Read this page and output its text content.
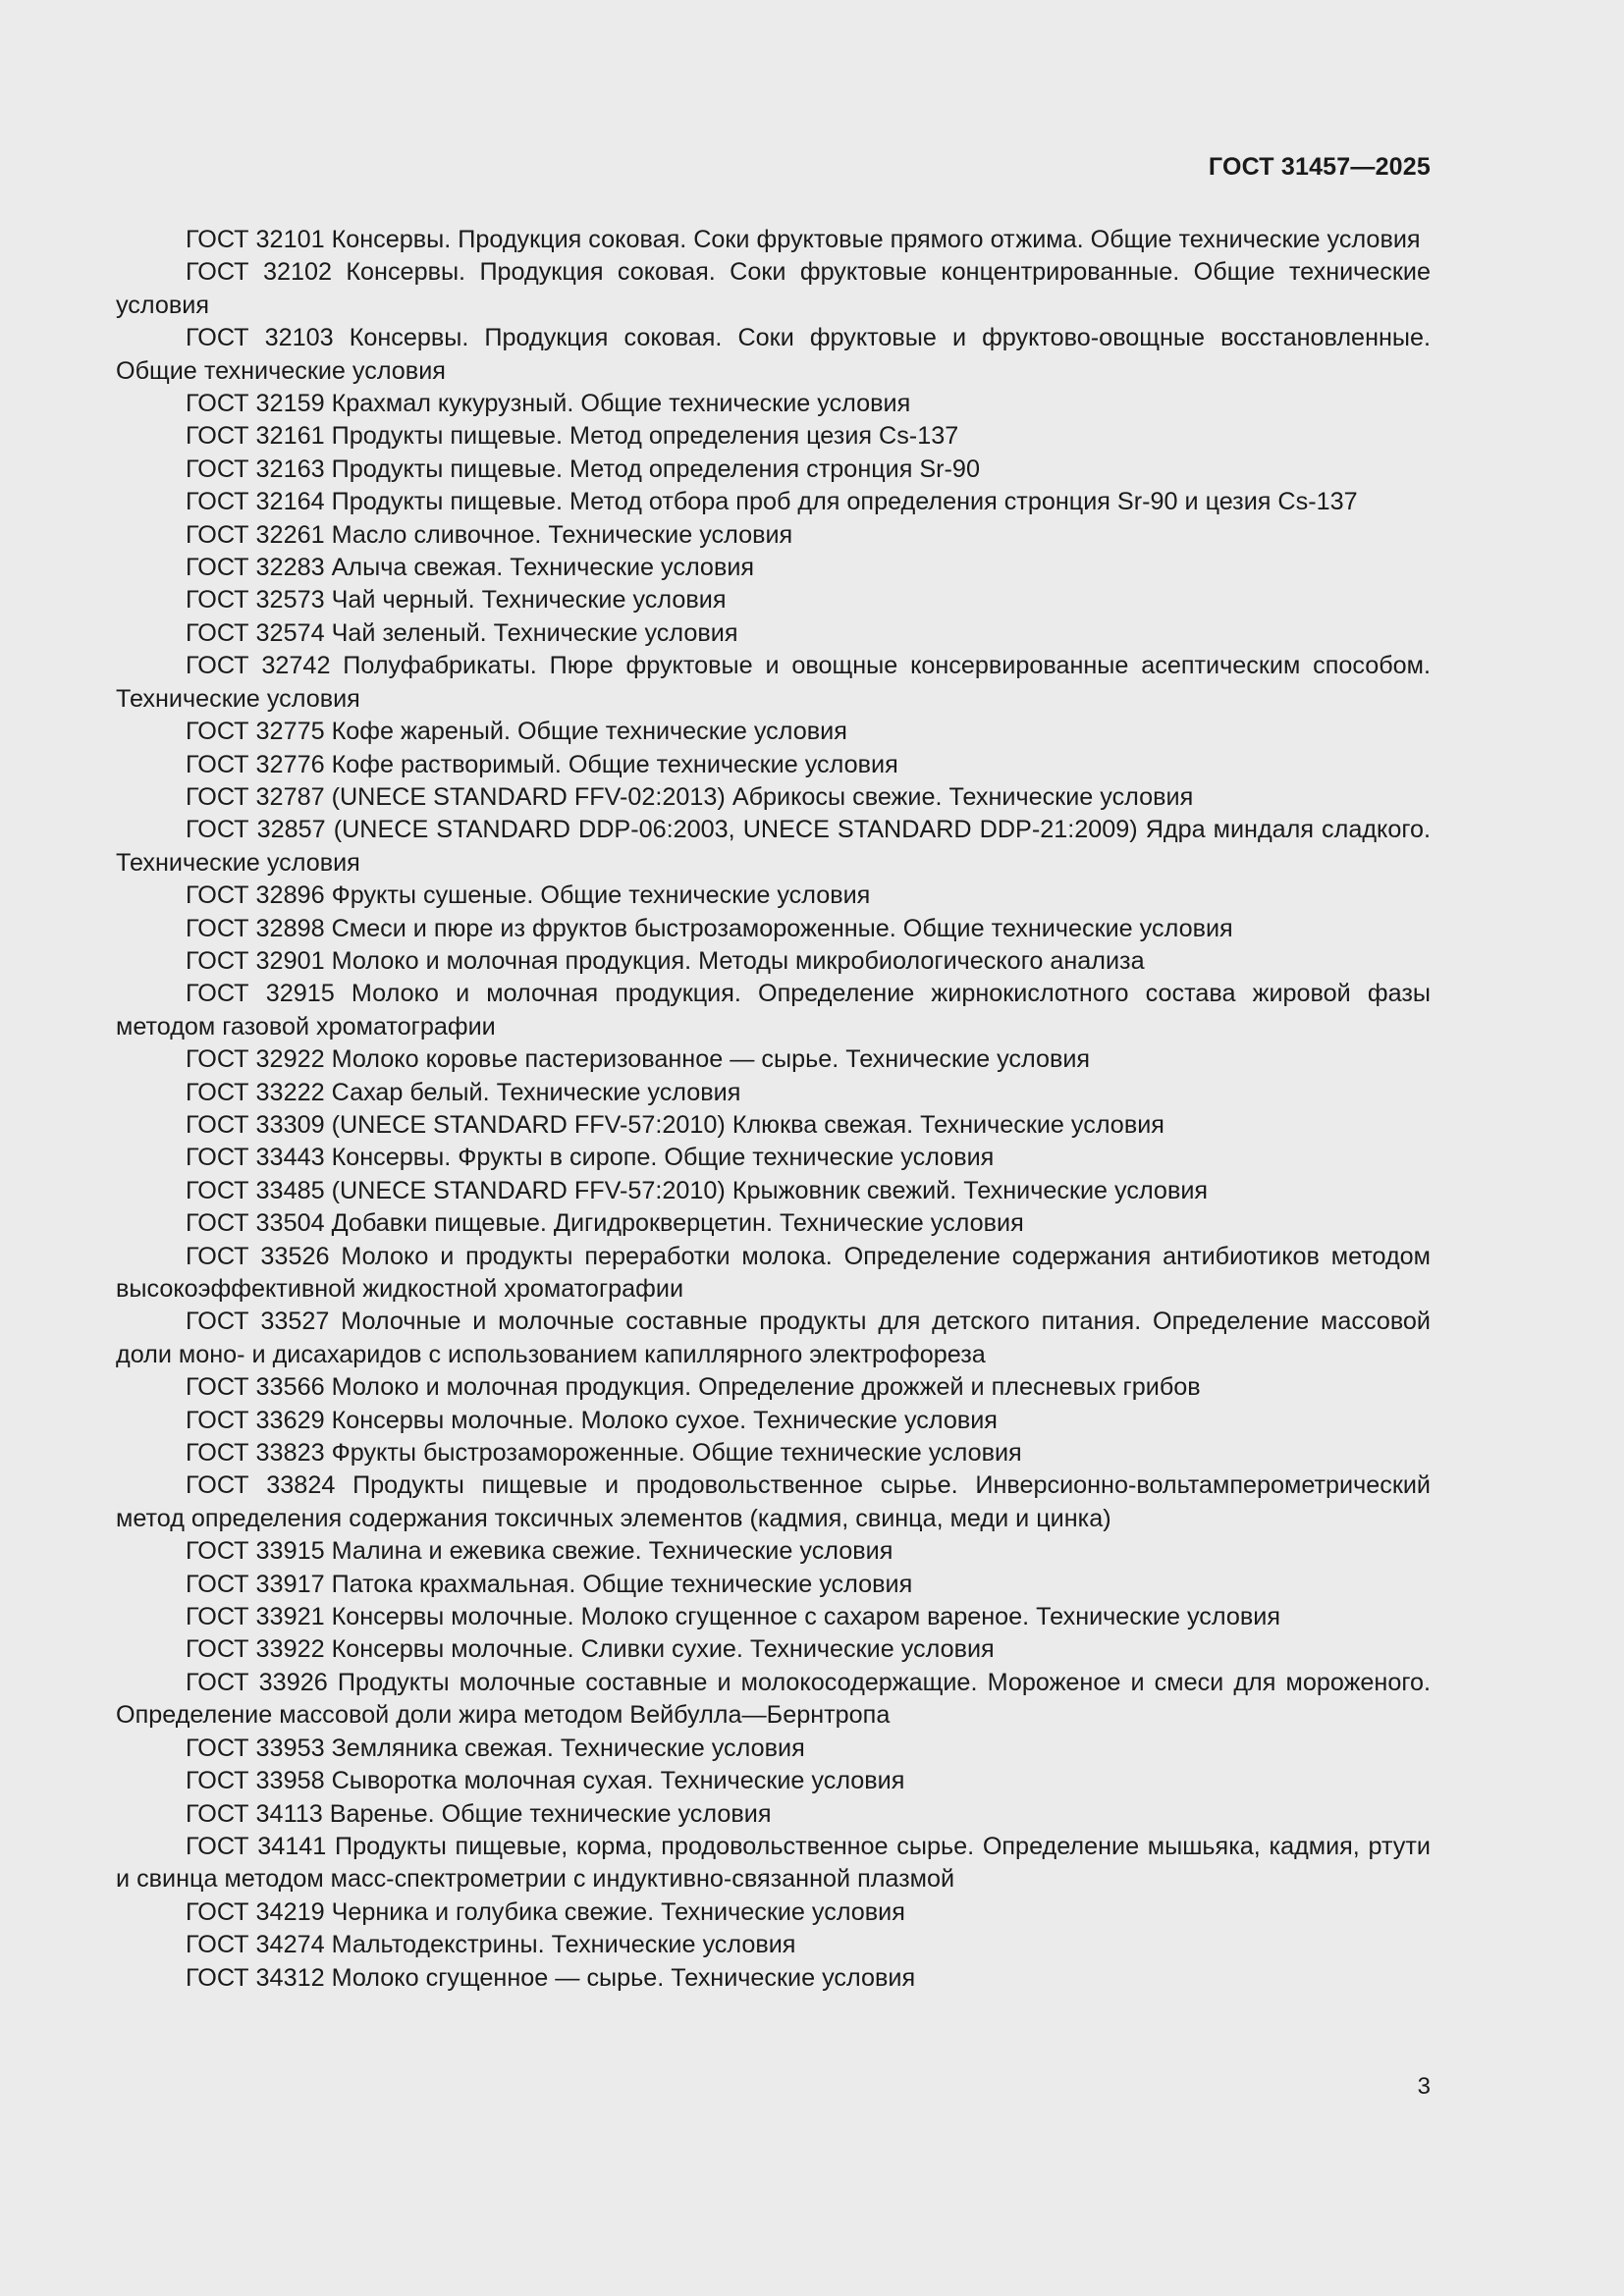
ГОСТ 31457—2025

ГОСТ 32101 Консервы. Продукция соковая. Соки фруктовые прямого отжима. Общие технические условия

ГОСТ 32102 Консервы. Продукция соковая. Соки фруктовые концентрированные. Общие технические условия

ГОСТ 32103 Консервы. Продукция соковая. Соки фруктовые и фруктово-овощные восстановленные. Общие технические условия

ГОСТ 32159 Крахмал кукурузный. Общие технические условия

ГОСТ 32161 Продукты пищевые. Метод определения цезия Cs-137

ГОСТ 32163 Продукты пищевые. Метод определения стронция Sr-90

ГОСТ 32164 Продукты пищевые. Метод отбора проб для определения стронция Sr-90 и цезия Cs-137

ГОСТ 32261 Масло сливочное. Технические условия

ГОСТ 32283 Алыча свежая. Технические условия

ГОСТ 32573 Чай черный. Технические условия

ГОСТ 32574 Чай зеленый. Технические условия

ГОСТ 32742 Полуфабрикаты. Пюре фруктовые и овощные консервированные асептическим способом. Технические условия

ГОСТ 32775 Кофе жареный. Общие технические условия

ГОСТ 32776 Кофе растворимый. Общие технические условия

ГОСТ 32787 (UNECE STANDARD FFV-02:2013) Абрикосы свежие. Технические условия

ГОСТ 32857 (UNECE STANDARD DDP-06:2003, UNECE STANDARD DDP-21:2009) Ядра миндаля сладкого. Технические условия

ГОСТ 32896 Фрукты сушеные. Общие технические условия

ГОСТ 32898 Смеси и пюре из фруктов быстрозамороженные. Общие технические условия

ГОСТ 32901 Молоко и молочная продукция. Методы микробиологического анализа

ГОСТ 32915 Молоко и молочная продукция. Определение жирнокислотного состава жировой фазы методом газовой хроматографии

ГОСТ 32922 Молоко коровье пастеризованное — сырье. Технические условия

ГОСТ 33222 Сахар белый. Технические условия

ГОСТ 33309 (UNECE STANDARD FFV-57:2010) Клюква свежая. Технические условия

ГОСТ 33443 Консервы. Фрукты в сиропе. Общие технические условия

ГОСТ 33485 (UNECE STANDARD FFV-57:2010) Крыжовник свежий. Технические условия

ГОСТ 33504 Добавки пищевые. Дигидрокверцетин. Технические условия

ГОСТ 33526 Молоко и продукты переработки молока. Определение содержания антибиотиков методом высокоэффективной жидкостной хроматографии

ГОСТ 33527 Молочные и молочные составные продукты для детского питания. Определение массовой доли моно- и дисахаридов с использованием капиллярного электрофореза

ГОСТ 33566 Молоко и молочная продукция. Определение дрожжей и плесневых грибов

ГОСТ 33629 Консервы молочные. Молоко сухое. Технические условия

ГОСТ 33823 Фрукты быстрозамороженные. Общие технические условия

ГОСТ 33824 Продукты пищевые и продовольственное сырье. Инверсионно-вольтамперометрический метод определения содержания токсичных элементов (кадмия, свинца, меди и цинка)

ГОСТ 33915 Малина и ежевика свежие. Технические условия

ГОСТ 33917 Патока крахмальная. Общие технические условия

ГОСТ 33921 Консервы молочные. Молоко сгущенное с сахаром вареное. Технические условия

ГОСТ 33922 Консервы молочные. Сливки сухие. Технические условия

ГОСТ 33926 Продукты молочные составные и молокосодержащие. Мороженое и смеси для мороженого. Определение массовой доли жира методом Вейбулла—Бернтропа

ГОСТ 33953 Земляника свежая. Технические условия

ГОСТ 33958 Сыворотка молочная сухая. Технические условия

ГОСТ 34113 Варенье. Общие технические условия

ГОСТ 34141 Продукты пищевые, корма, продовольственное сырье. Определение мышьяка, кадмия, ртути и свинца методом масс-спектрометрии с индуктивно-связанной плазмой

ГОСТ 34219 Черника и голубика свежие. Технические условия

ГОСТ 34274 Мальтодекстрины. Технические условия

ГОСТ 34312 Молоко сгущенное — сырье. Технические условия

3
